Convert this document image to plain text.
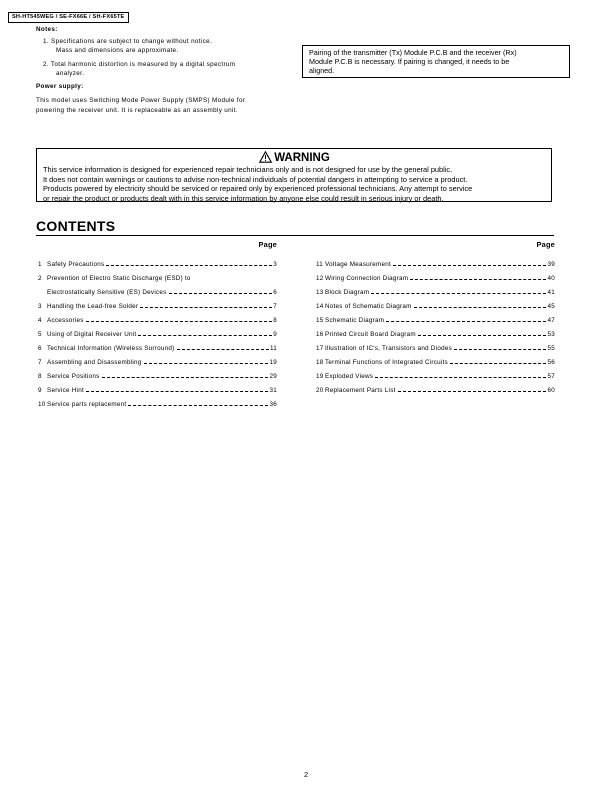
SH-HT545WEG / SE-FX66E / SH-FX65TE
Notes:
1. Specifications are subject to change without notice.
Mass and dimensions are approximate.
2. Total harmonic distortion is measured by a digital spectrum
analyzer.
Power supply:
This model uses Switching Mode Power Supply (SMPS) Module for
powering the receiver unit. It is replaceable as an assembly unit.
Pairing of the transmitter (Tx) Module P.C.B and the receiver (Rx)
Module P.C.B is necessary. If pairing is changed, it needs to be
aligned.
WARNING
This service information is designed for experienced repair technicians only and is not designed for use by the general public.
It does not contain warnings or cautions to advise non-technical individuals of potential dangers in attempting to service a product.
Products powered by electricity should be serviced or repaired only by experienced professional technicians. Any attempt to service
or repair the product or products dealt with in this service information by anyone else could result in serious injury or death.
CONTENTS
Page
1 Safety Precautions	3
2 Prevention of Electro Static Discharge (ESD) to
Electrostatically Sensitive (ES) Devices	6
3 Handling the Lead-free Solder	7
4 Accessories	8
5 Using of Digital Receiver Unit	9
6 Technical Information (Wireless Surround)	11
7 Assembling and Disassembling	19
8 Service Positions	29
9 Service Hint	31
10 Service parts replacement	36
Page
11 Voltage Measurement	39
12 Wiring Connection Diagram	40
13 Block Diagram	41
14 Notes of Schematic Diagram	45
15 Schematic Diagram	47
16 Printed Circuit Board Diagram	53
17 Illustration of IC's, Transistors and Diodes	55
18 Terminal Functions of Integrated Circuits	56
19 Exploded Views	57
20 Replacement Parts List	60
2
